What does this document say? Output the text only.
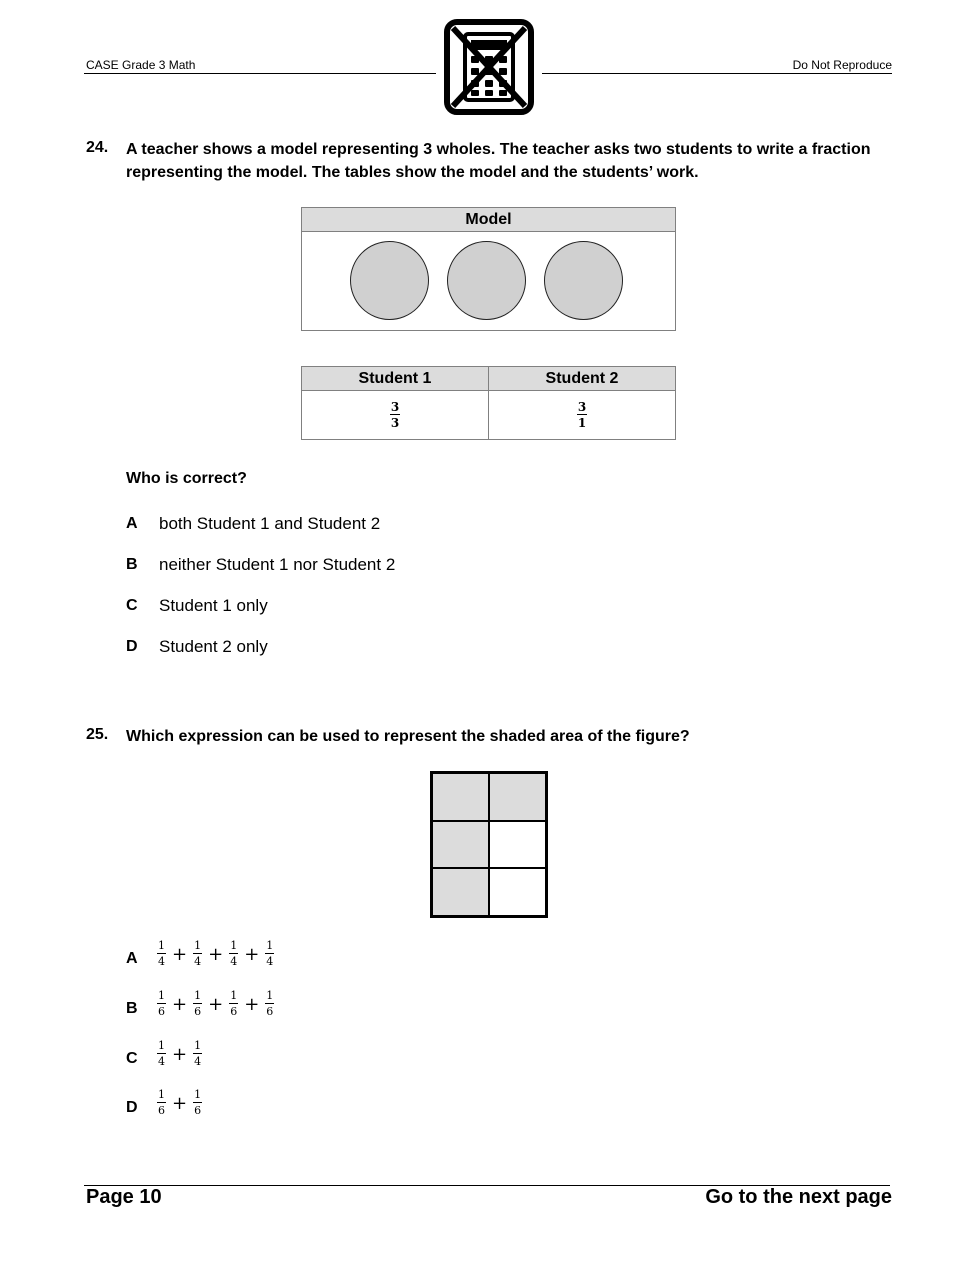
CASE Grade 3 Math	Do Not Reproduce
24. A teacher shows a model representing 3 wholes. The teacher asks two students to write a fraction representing the model. The tables show the model and the students’ work.
Model

Student 1	Student 2

$\frac{3}{3}$	$\frac{3}{1}$
Who is correct?
A both Student 1 and Student 2
B neither Student 1 nor Student 2
C Student 1 only
D Student 2 only
25. Which expression can be used to represent the shaded area of the figure?
A $\frac{1}{4} + \frac{1}{4} + \frac{1}{4} + \frac{1}{4}$
B $\frac{1}{6} + \frac{1}{6} + \frac{1}{6} + \frac{1}{6}$
C $\frac{1}{4} + \frac{1}{4}$
D $\frac{1}{6} + \frac{1}{6}$
Page 10	Go to the next page
